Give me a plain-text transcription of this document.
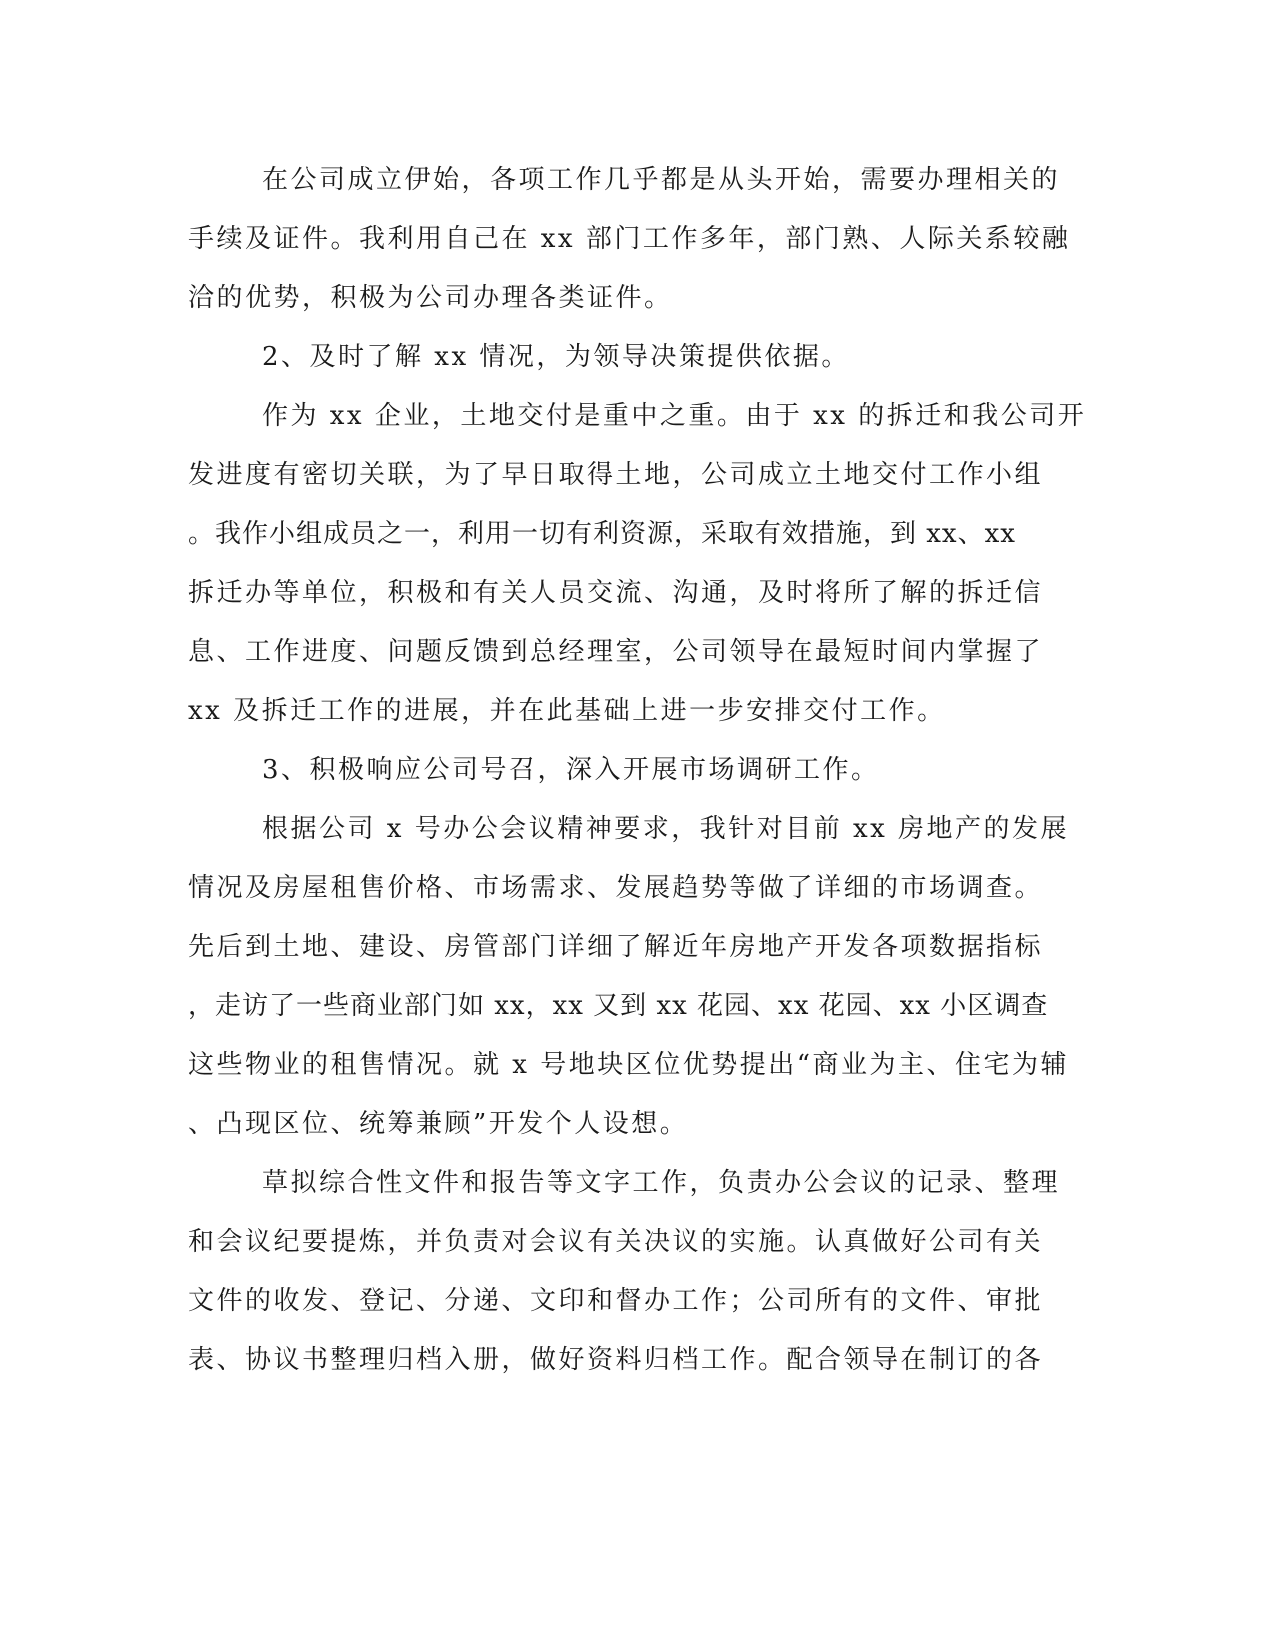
在公司成立伊始，各项工作几乎都是从头开始，需要办理相关的

手续及证件。我利用自己在 xx 部门工作多年，部门熟、人际关系较融

洽的优势，积极为公司办理各类证件。

2、及时了解 xx 情况，为领导决策提供依据。

作为 xx 企业，土地交付是重中之重。由于 xx 的拆迁和我公司开

发进度有密切关联，为了早日取得土地，公司成立土地交付工作小组

。我作小组成员之一，利用一切有利资源，采取有效措施，到 xx、xx

拆迁办等单位，积极和有关人员交流、沟通，及时将所了解的拆迁信

息、工作进度、问题反馈到总经理室，公司领导在最短时间内掌握了

xx 及拆迁工作的进展，并在此基础上进一步安排交付工作。

3、积极响应公司号召，深入开展市场调研工作。

根据公司 x 号办公会议精神要求，我针对目前 xx 房地产的发展

情况及房屋租售价格、市场需求、发展趋势等做了详细的市场调查。

先后到土地、建设、房管部门详细了解近年房地产开发各项数据指标

，走访了一些商业部门如 xx，xx 又到 xx 花园、xx 花园、xx 小区调查

这些物业的租售情况。就 x 号地块区位优势提出“商业为主、住宅为辅

、凸现区位、统筹兼顾”开发个人设想。

草拟综合性文件和报告等文字工作，负责办公会议的记录、整理

和会议纪要提炼，并负责对会议有关决议的实施。认真做好公司有关

文件的收发、登记、分递、文印和督办工作；公司所有的文件、审批

表、协议书整理归档入册，做好资料归档工作。配合领导在制订的各
